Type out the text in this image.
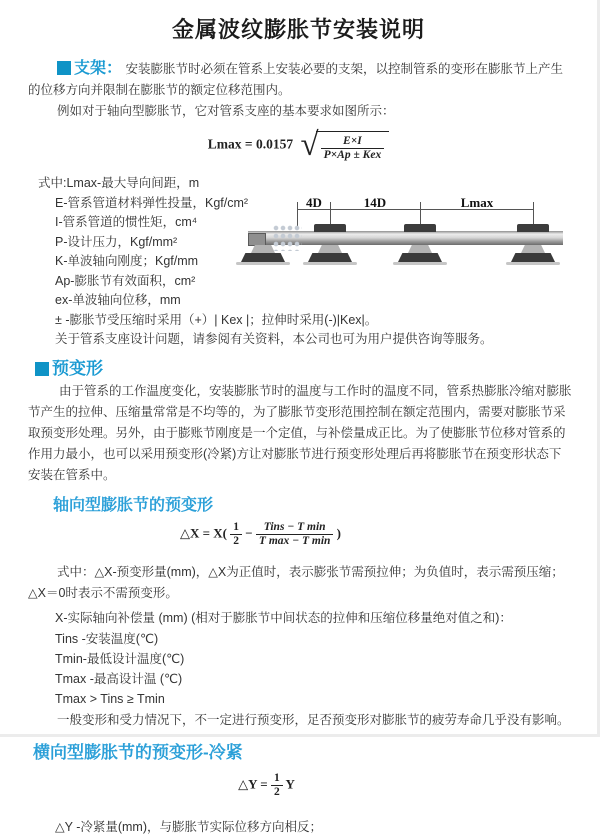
金属波纹膨胀节安装说明
支架： 安装膨胀节时必须在管系上安装必要的支架，以控制管系的变形在膨胀节上产生的位移方向并限制在膨胀节的额定位移范围内。
例如对于轴向型膨胀节，它对管系支座的基本要求如图所示：
Lmax = 0.0157 √ $\frac{E\times I}{\text{P×Ap ± Kex}}$
式中:Lmax-最大导向间距，m
E-管系管道材料弹性投量，Kgf/cm²
I-管系管道的惯性矩，cm⁴
P-设计压力，Kgf/mm²
K-单波轴向刚度；Kgf/mm
Ap-膨胀节有效面积，cm²
ex-单波轴向位移，mm
± -膨胀节受压缩时采用（+）| Kex |；拉伸时采用(-)|Kex|。
关于管系支座设计问题，请参阅有关资料，本公司也可为用户提供咨询等服务。
4D	14D	Lmax
预变形
由于管系的工作温度变化，安装膨胀节时的温度与工作时的温度不同，管系热膨胀冷缩对膨胀节产生的拉伸、压缩量常常是不均等的，为了膨胀节变形范围控制在额定范围内，需要对膨胀节采取预变形处理。另外，由于膨账节刚度是一个定值，与补偿量成正比。为了使膨胀节位移对管系的作用力最小，也可以采用预变形(冷紧)方让对膨胀节进行预变形处理后再将膨胀节在预变形状态下安装在管系中。
轴向型膨胀节的预变形
△X = $X( \frac{1}{2} - \frac{\text{Tins − T min}}{\text{T max − T min}}$ )
式中：△X-预变形量(mm)，△X为正值时，表示膨张节需预拉伸；为负值时，表示需预压缩；△X＝0时表示不需预变形。
X-实际轴向补偿量 (mm) (相对于膨胀节中间状态的拉伸和压缩位移量绝对值之和)：
Tins -安装温度(℃)
Tmin-最低设计温度(℃)
Tmax -最高设计温 (℃)
Tmax > Tins ≥ Tmin
一般变形和受力情况下，不一定进行预变形，足否预变形对膨胀节的疲劳寿命几乎没有影响。
横向型膨胀节的预变形-冷紧
△Y = $\frac{1}{2}$ Y
△Y -冷紧量(mm)，与膨胀节实际位移方向相反；
